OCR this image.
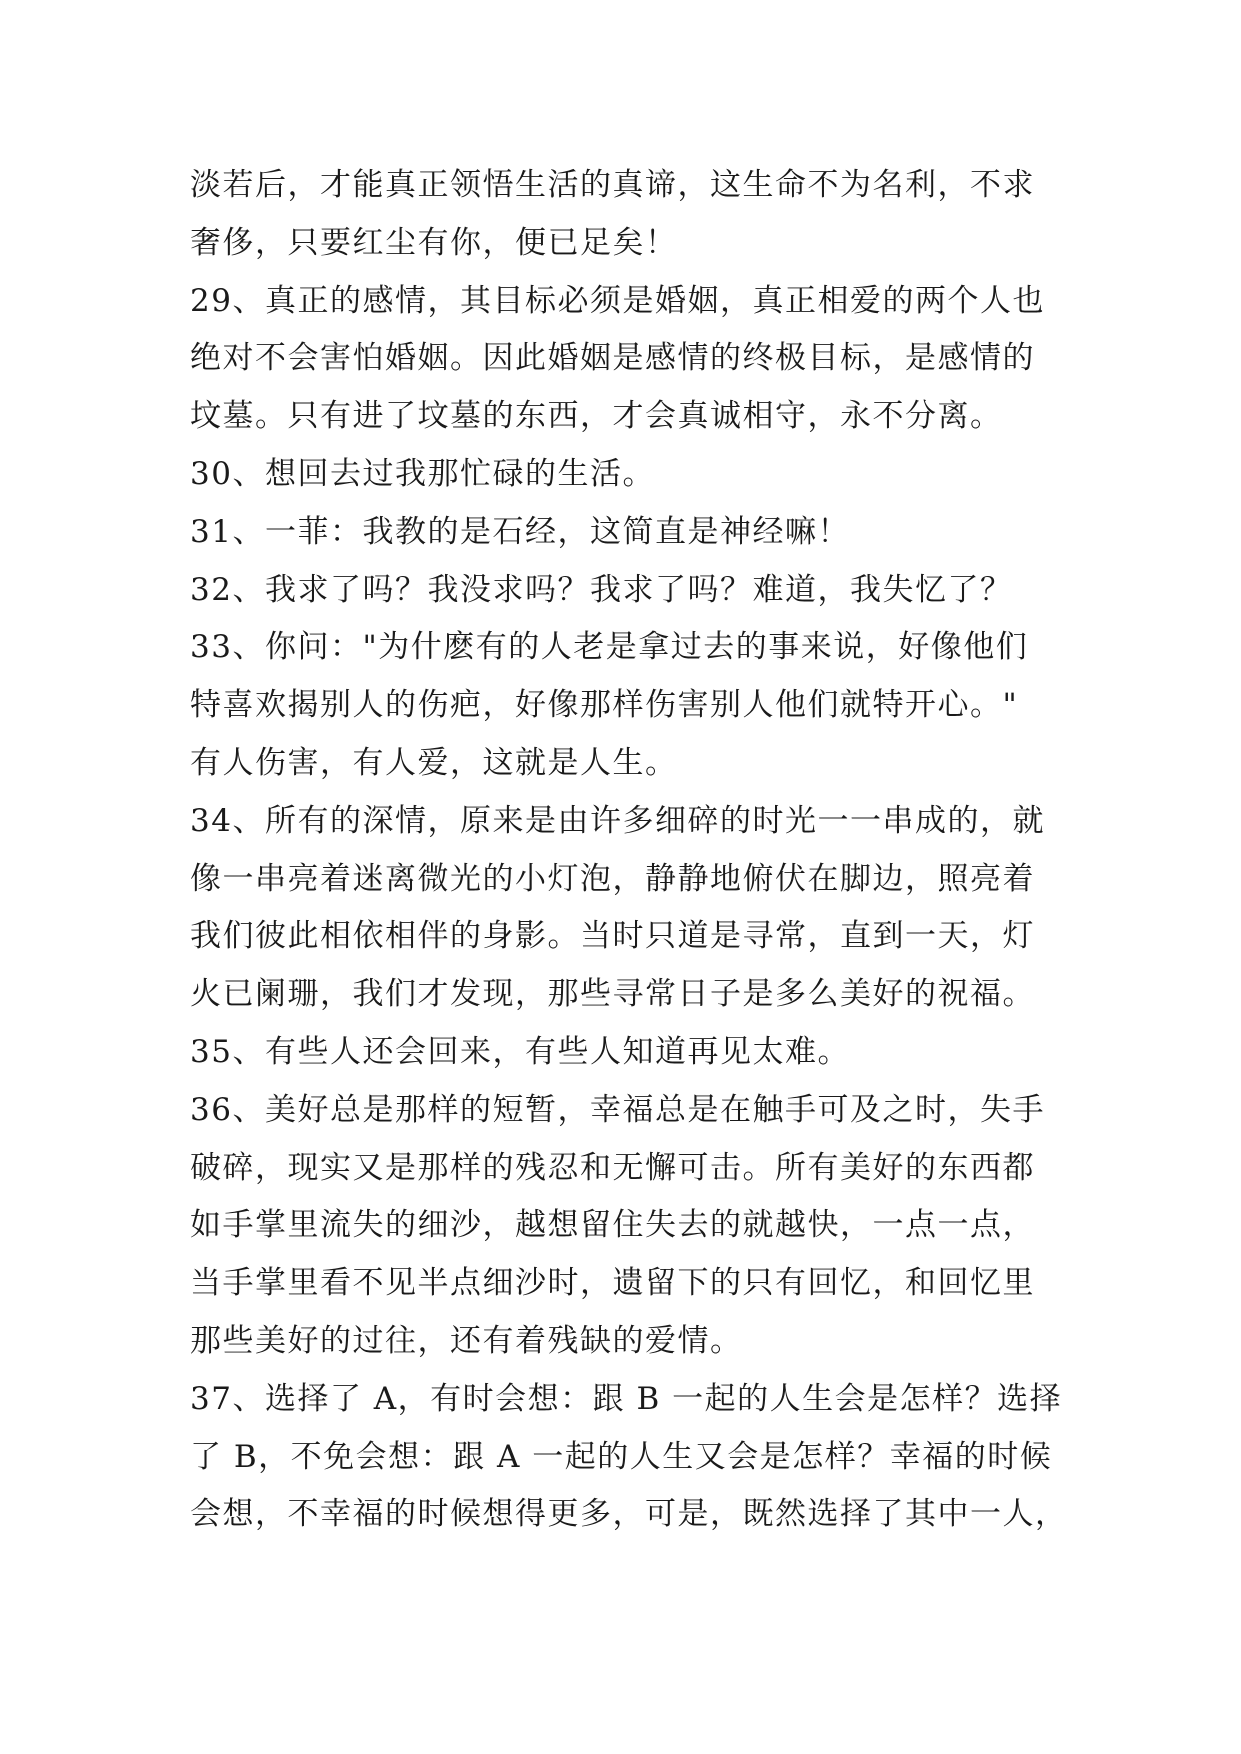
淡若后，才能真正领悟生活的真谛，这生命不为名利，不求
奢侈，只要红尘有你，便已足矣！
29、真正的感情，其目标必须是婚姻，真正相爱的两个人也
绝对不会害怕婚姻。因此婚姻是感情的终极目标，是感情的
坟墓。只有进了坟墓的东西，才会真诚相守，永不分离。
30、想回去过我那忙碌的生活。
31、一菲：我教的是石经，这简直是神经嘛！
32、我求了吗？我没求吗？我求了吗？难道，我失忆了？
33、你问："为什麽有的人老是拿过去的事来说，好像他们
特喜欢揭别人的伤疤，好像那样伤害别人他们就特开心。"
有人伤害，有人爱，这就是人生。
34、所有的深情，原来是由许多细碎的时光一一串成的，就
像一串亮着迷离微光的小灯泡，静静地俯伏在脚边，照亮着
我们彼此相依相伴的身影。当时只道是寻常，直到一天，灯
火已阑珊，我们才发现，那些寻常日子是多么美好的祝福。
35、有些人还会回来，有些人知道再见太难。
36、美好总是那样的短暂，幸福总是在触手可及之时，失手
破碎，现实又是那样的残忍和无懈可击。所有美好的东西都
如手掌里流失的细沙，越想留住失去的就越快，一点一点，
当手掌里看不见半点细沙时，遗留下的只有回忆，和回忆里
那些美好的过往，还有着残缺的爱情。
37、选择了 A，有时会想：跟 B 一起的人生会是怎样？选择
了 B，不免会想：跟 A 一起的人生又会是怎样？幸福的时候
会想，不幸福的时候想得更多，可是，既然选择了其中一人，
